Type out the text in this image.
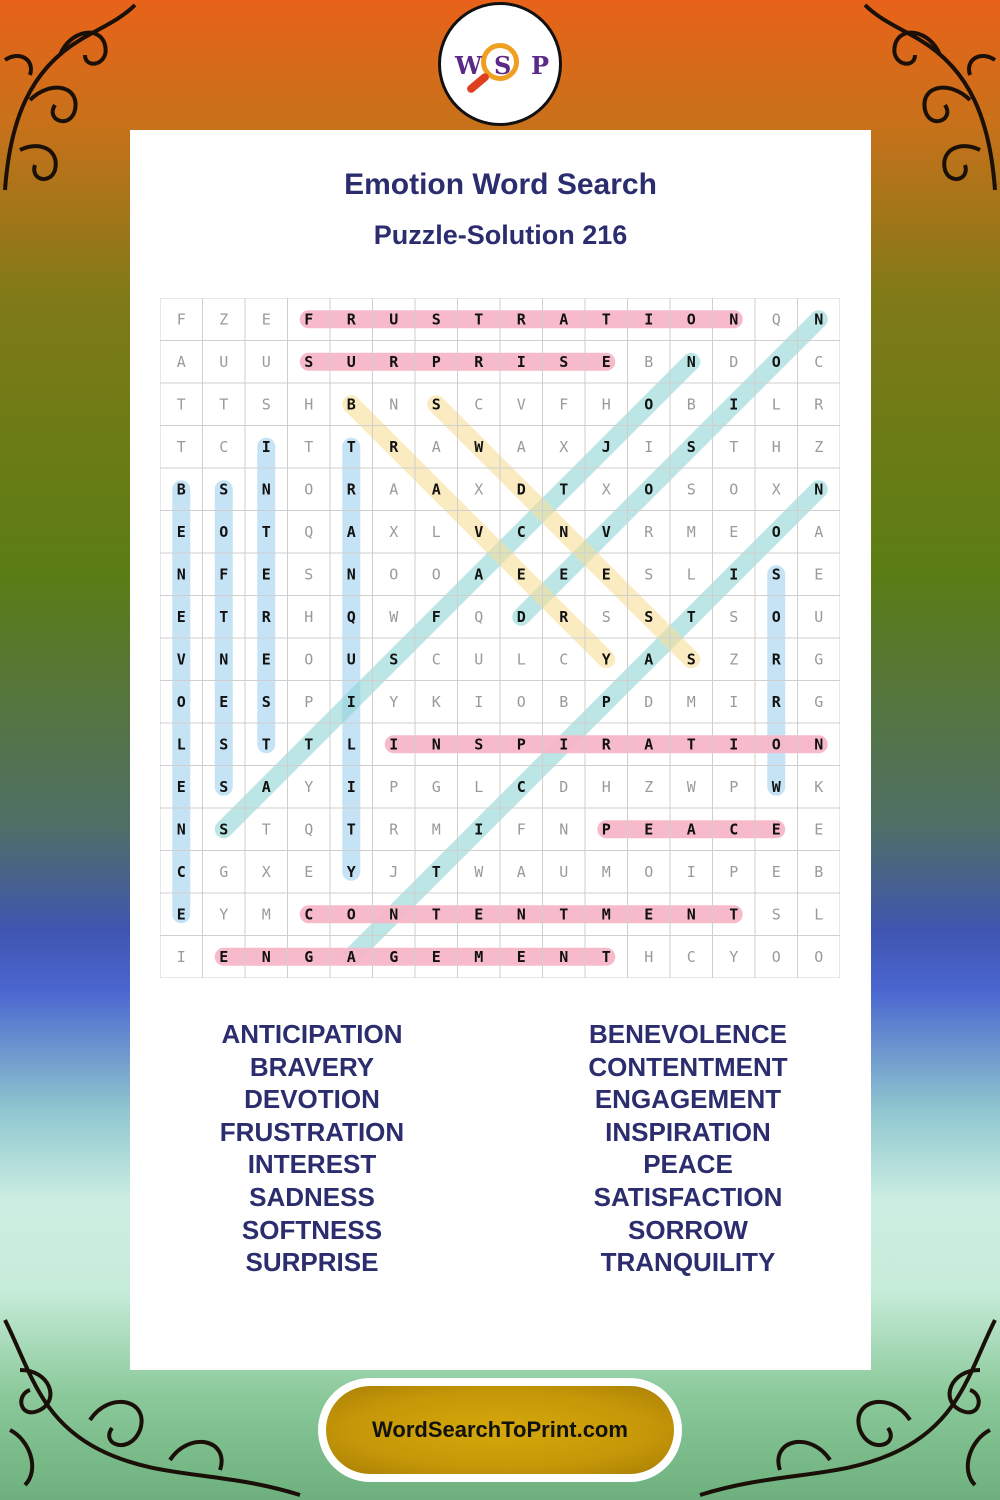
W S P
Emotion Word Search
Puzzle-Solution 216
F Z E F R U S T R A T I O N Q N
A U U S U R P R I S E B N D O C
T T S H B N S C V F H O B I L R
T C I T T R A W A X J I S T H Z
B S N O R A A X D T X O S O X N
E O T Q A X L V C N V R M E O A
N F E S N O O A E E E S L I S E
E T R H Q W F Q D R S S T S O U
V N E O U S C U L C Y A S Z R G
O E S P I Y K I O B P D M I R G
L S T T L I N S P I R A T I O N
E S A Y I P G L C D H Z W P W K
N S T Q T R M I F N P E A C E E
C G X E Y J T W A U M O I P E B
E Y M C O N T E N T M E N T S L
I E N G A G E M E N T H C Y O O
ANTICIPATION
BRAVERY
DEVOTION
FRUSTRATION
INTEREST
SADNESS
SOFTNESS
SURPRISE
BENEVOLENCE
CONTENTMENT
ENGAGEMENT
INSPIRATION
PEACE
SATISFACTION
SORROW
TRANQUILITY
WordSearchToPrint.com
